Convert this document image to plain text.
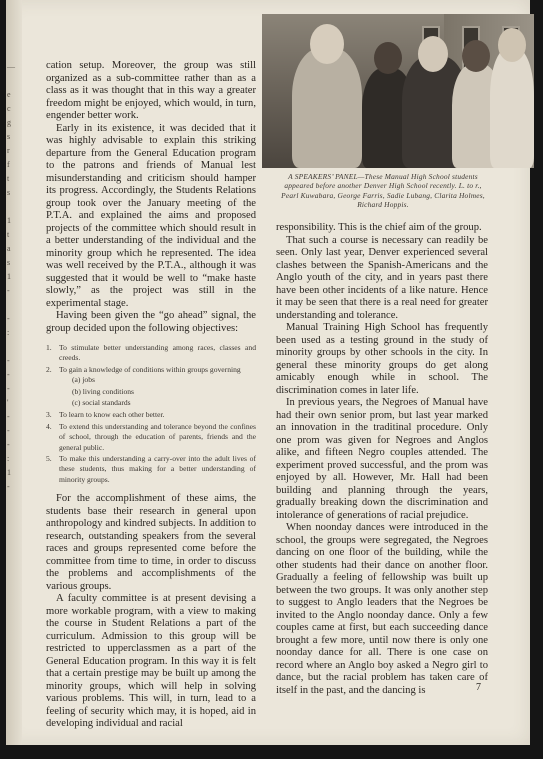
—

e
c
g
s
r
f
t
s

1
t
a
s
1
-

-
:

-
-
-
'
-
-
-
:
1
-

cation setup. Moreover, the group was still organized as a sub-committee rather than as a class as it was thought that in this way a greater freedom might be enjoyed, which would, in turn, engender better work.

Early in its existence, it was decided that it was highly advisable to explain this striking departure from the General Education program to the patrons and friends of Manual lest misunderstanding and criticism should hamper its progress. Accordingly, the Students Relations group took over the January meeting of the P.T.A. and explained the aims and proposed projects of the committee which should result in a better understanding of the individual and the minority group which he represented. The idea was well received by the P.T.A., although it was suggested that it would be well to “make haste slowly,” as the project was still in the experimental stage.

Having been given the “go ahead” signal, the group decided upon the following objectives:

1. To stimulate better understanding among races, classes and creeds.
2. To gain a knowledge of conditions within groups governing
(a) jobs
(b) living conditions
(c) social standards
3. To learn to know each other better.
4. To extend this understanding and tolerance beyond the confines of school, through the education of parents, friends and the general public.
5. To make this understanding a carry-over into the adult lives of these students, thus making for a better understanding of minority groups.

For the accomplishment of these aims, the students base their research in general upon anthropology and kindred subjects. In addition to research, outstanding speakers from the several races and groups represented come before the committee from time to time, in order to discuss the problems and accomplishments of the various groups.

A faculty committee is at present devising a more workable program, with a view to making the course in Student Relations a part of the curriculum. Admission to this group will be restricted to upperclassmen as a part of the General Education program. In this way it is felt that a certain prestige may be built up among the minority groups, which will help in solving various problems. This will, in turn, lead to a feeling of security which may, it is hoped, aid in developing individual and racial

A SPEAKERS’ PANEL—These Manual High School students appeared before another Denver High School recently. L. to r., Pearl Kuwabara, George Farris, Sadie Lubang, Clarita Holmes, Richard Hoppis.

responsibility. This is the chief aim of the group.

That such a course is necessary can readily be seen. Only last year, Denver experienced several clashes between the Spanish-Americans and the Anglo youth of the city, and in years past there have been other incidents of a like nature. Hence it may be seen that there is a real need for greater understanding and tolerance.

Manual Training High School has frequently been used as a testing ground in the study of minority groups by other schools in the city. In general these minority groups do get along amicably enough while in school. The discrimination comes in later life.

In previous years, the Negroes of Manual have had their own senior prom, but last year marked an innovation in the traditinal procedure. Only one prom was given for Negroes and Anglos alike, and fifteen Negro couples attended. The experiment proved successful, and the prom was enjoyed by all. However, Mr. Hall had been building and planning through the years, gradually breaking down the discrimination and intolerance of generations of racial prejudice.

When noonday dances were introduced in the school, the groups were segregated, the Negroes dancing on one floor of the building, while the other students had their dance on another floor. Gradually a feeling of fellowship was built up between the two groups. It was only another step to suggest to Anglo leaders that the Negroes be invited to the Anglo noonday dance. Only a few couples came at first, but each succeeding dance brought a few more, until now there is only one noonday dance for all. There is one case on record where an Anglo boy asked a Negro girl to dance, but the racial problem has taken care of itself in the past, and the dancing is	7
